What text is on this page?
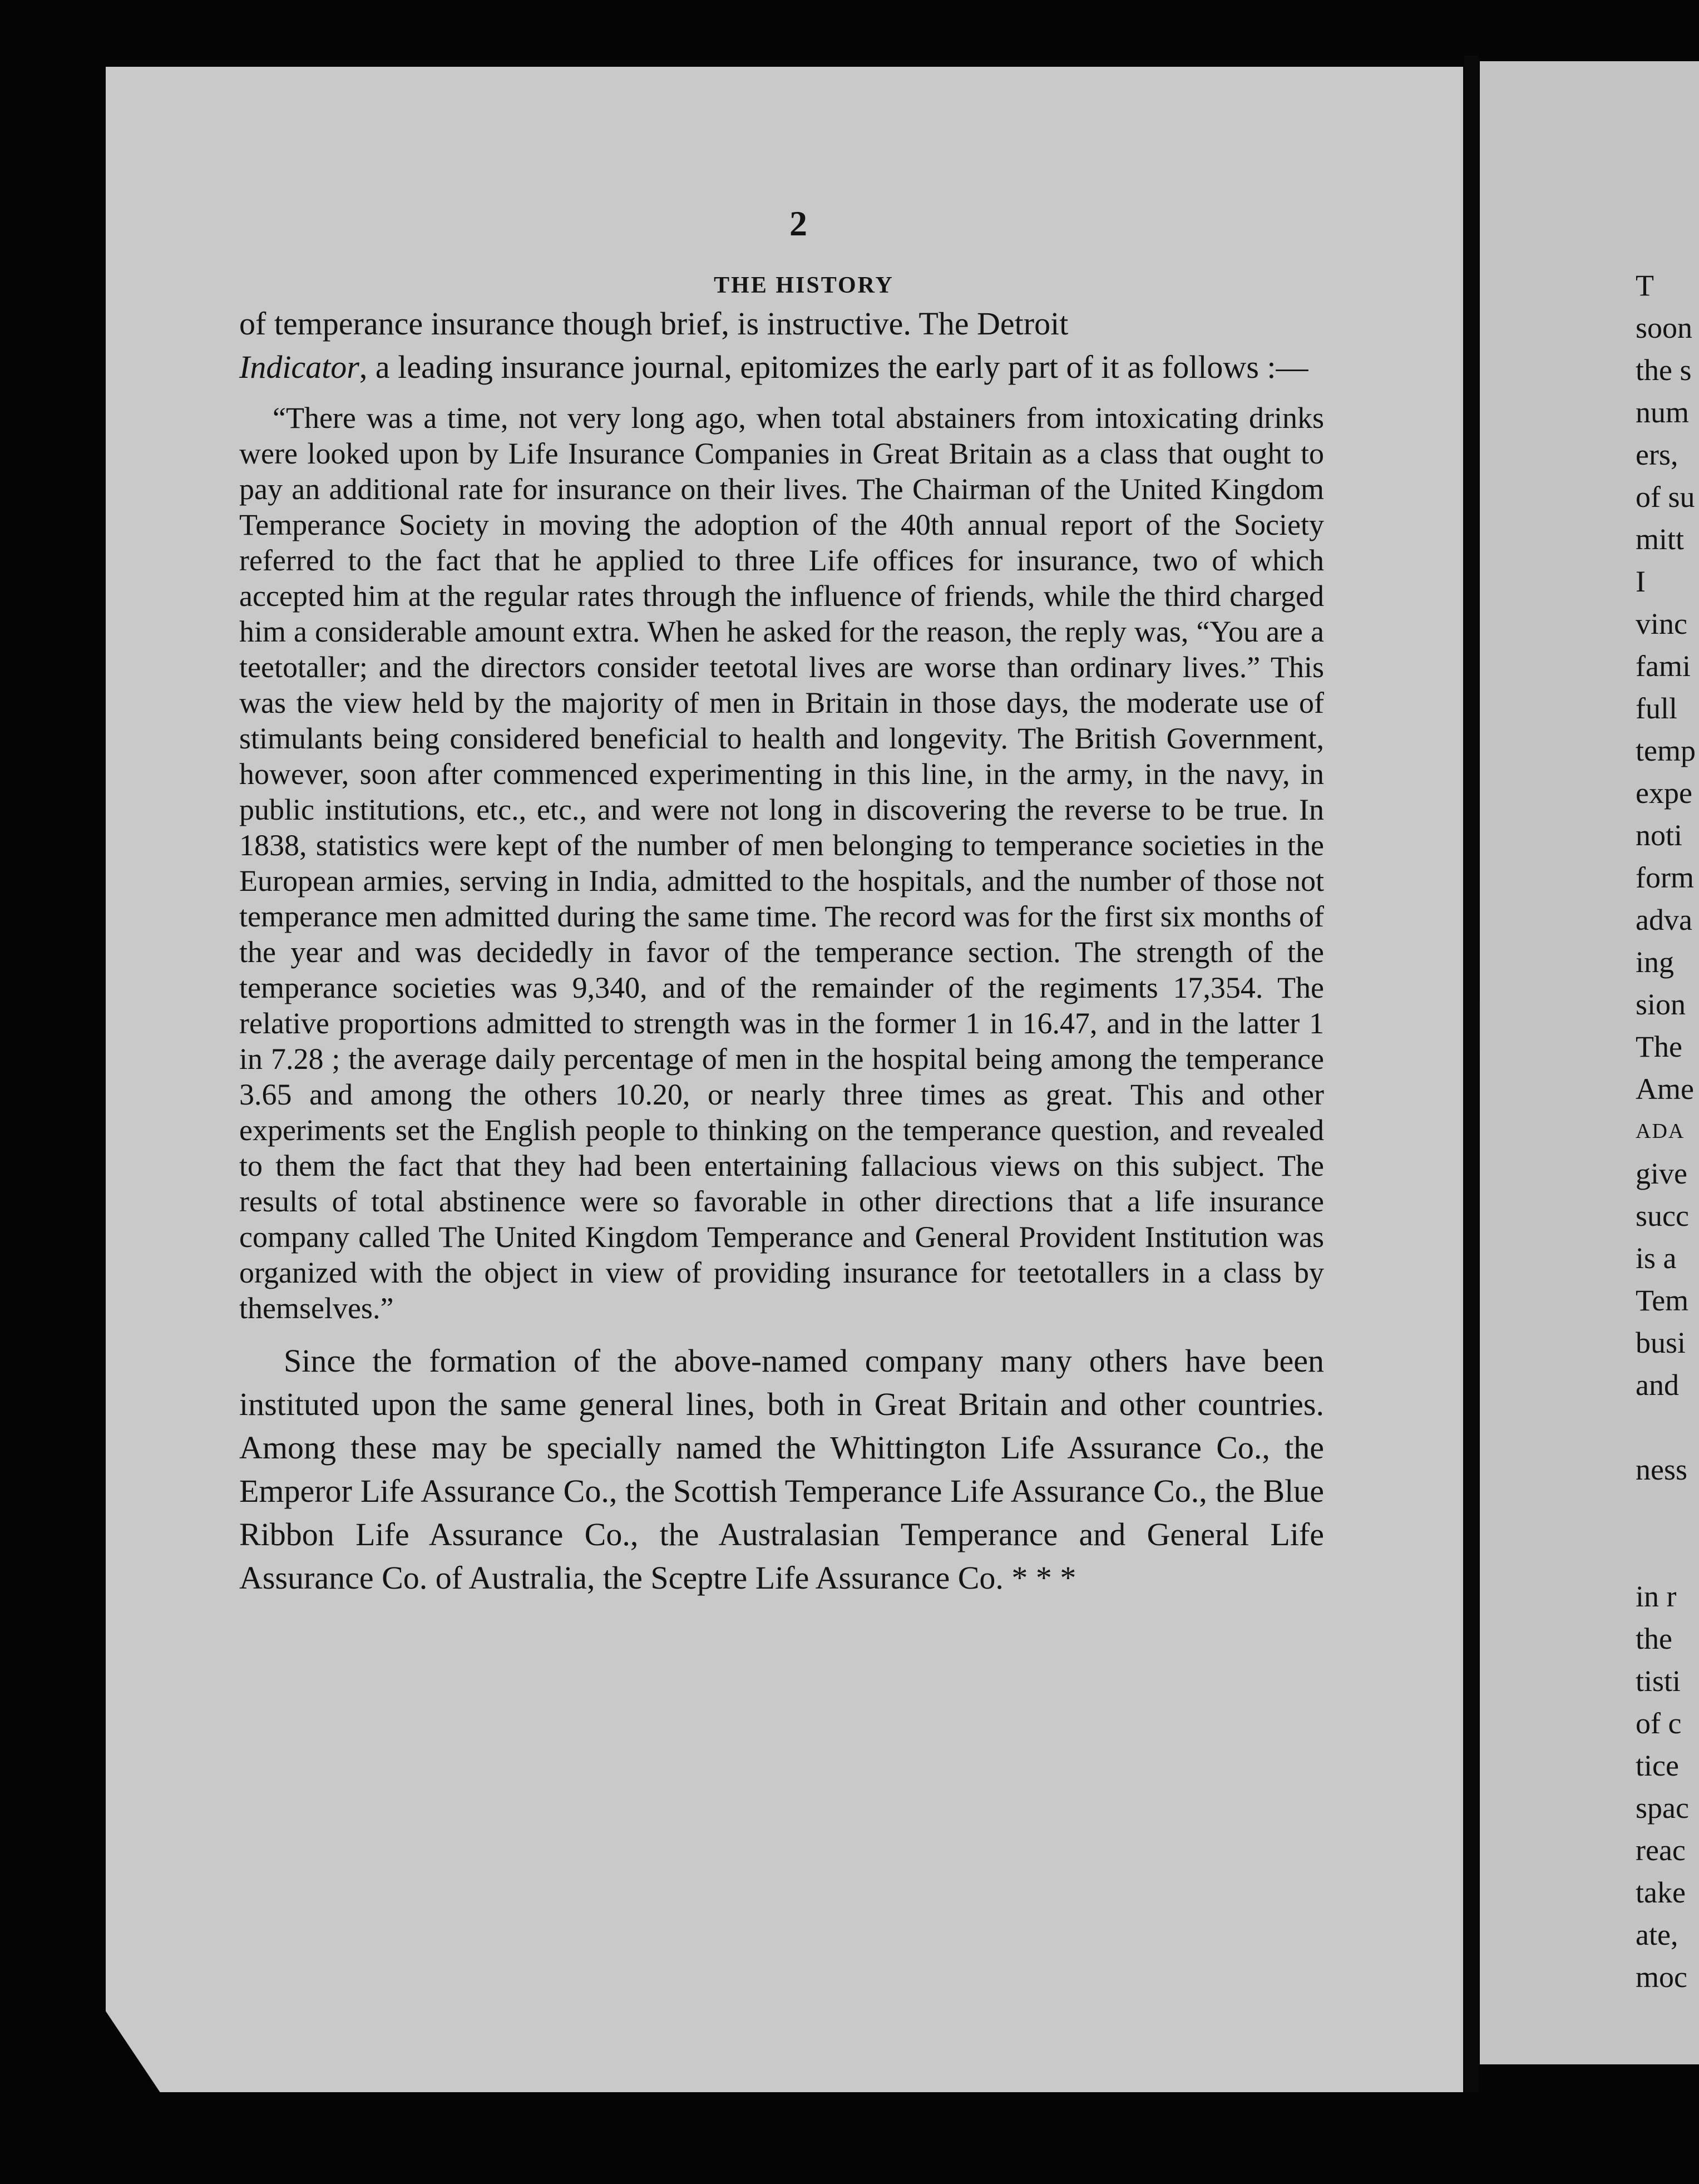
2
THE HISTORY

of temperance insurance though brief, is instructive. The Detroit
Indicator, a leading insurance journal, epitomizes the early part of it as follows :—

“There was a time, not very long ago, when total abstainers from intoxicating drinks were looked upon by Life Insurance Companies in Great Britain as a class that ought to pay an additional rate for insurance on their lives. The Chairman of the United Kingdom Temperance Society in moving the adoption of the 40th annual report of the Society referred to the fact that he applied to three Life offices for insurance, two of which accepted him at the regular rates through the influence of friends, while the third charged him a considerable amount extra. When he asked for the reason, the reply was, “You are a teetotaller; and the directors consider teetotal lives are worse than ordinary lives.” This was the view held by the majority of men in Britain in those days, the moderate use of stimulants being considered beneficial to health and longevity. The British Government, however, soon after commenced experimenting in this line, in the army, in the navy, in public institutions, etc., etc., and were not long in discovering the reverse to be true. In 1838, statistics were kept of the number of men belonging to temperance societies in the European armies, serving in India, admitted to the hospitals, and the number of those not temperance men admitted during the same time. The record was for the first six months of the year and was decidedly in favor of the temperance section. The strength of the temperance societies was 9,340, and of the remainder of the regiments 17,354. The relative proportions admitted to strength was in the former 1 in 16.47, and in the latter 1 in 7.28 ; the average daily percentage of men in the hospital being among the temperance 3.65 and among the others 10.20, or nearly three times as great. This and other experiments set the English people to thinking on the temperance question, and revealed to them the fact that they had been entertaining fallacious views on this subject. The results of total abstinence were so favorable in other directions that a life insurance company called The United Kingdom Temperance and General Provident Institution was organized with the object in view of providing insurance for teetotallers in a class by themselves.”

Since the formation of the above-named company many others have been instituted upon the same general lines, both in Great Britain and other countries. Among these may be specially named the Whittington Life Assurance Co., the Emperor Life Assurance Co., the Scottish Temperance Life Assurance Co., the Blue Ribbon Life Assurance Co., the Australasian Temperance and General Life Assurance Co. of Australia, the Sceptre Life Assurance Co. * * *

T
soon
the s
num
ers,
of su
mitt
I
vinc
fami
full
temp
expe
noti
form
adva
ing
sion
The
Ame
ADA
give
succ
is a
Tem
busi
and
ness
in r
the
tisti
of c
tice
spac
reac
take
ate,
moc
